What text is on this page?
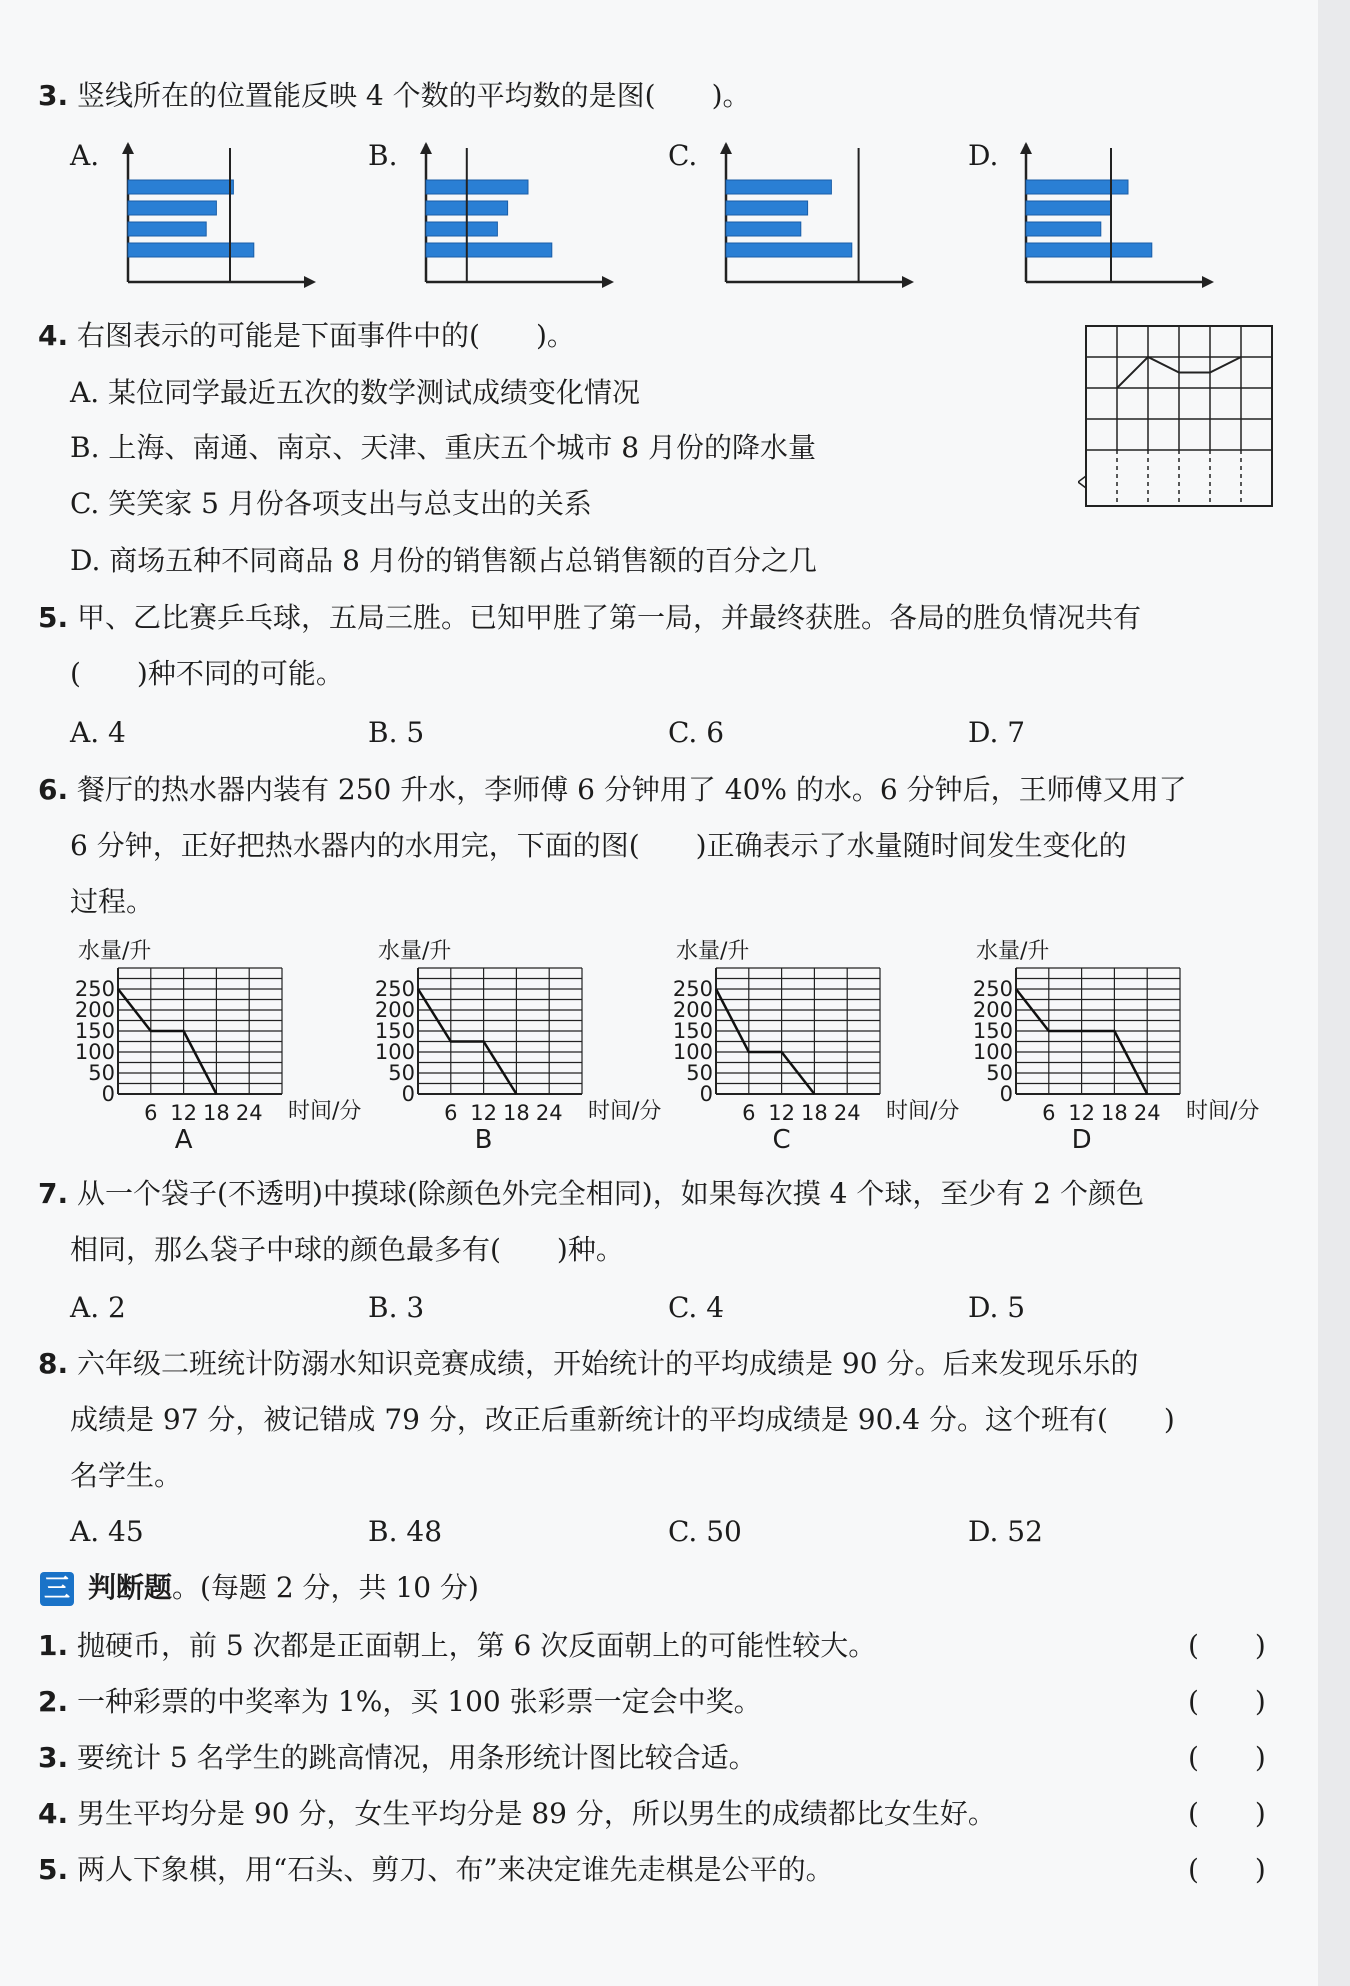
3. 竖线所在的位置能反映 4 个数的平均数的是图(　　)。
A.	B.	C.	D.
4. 右图表示的可能是下面事件中的(　　)。
A. 某位同学最近五次的数学测试成绩变化情况
B. 上海、南通、南京、天津、重庆五个城市 8 月份的降水量
C. 笑笑家 5 月份各项支出与总支出的关系
D. 商场五种不同商品 8 月份的销售额占总销售额的百分之几
5. 甲、乙比赛乒乓球，五局三胜。已知甲胜了第一局，并最终获胜。各局的胜负情况共有
(　　)种不同的可能。
A. 4	B. 5	C. 6	D. 7
6. 餐厅的热水器内装有 250 升水，李师傅 6 分钟用了 40% 的水。6 分钟后，王师傅又用了
6 分钟，正好把热水器内的水用完，下面的图(　　)正确表示了水量随时间发生变化的
过程。
水量/升
250
200
150
100
50
0
6 12 18 24 时间/分
A
水量/升
250
200
150
100
50
0
6 12 18 24 时间/分
B
水量/升
250
200
150
100
50
0
6 12 18 24 时间/分
C
水量/升
250
200
150
100
50
0
6 12 18 24 时间/分
D
7. 从一个袋子(不透明)中摸球(除颜色外完全相同)，如果每次摸 4 个球，至少有 2 个颜色
相同，那么袋子中球的颜色最多有(　　)种。
A. 2	B. 3	C. 4	D. 5
8. 六年级二班统计防溺水知识竞赛成绩，开始统计的平均成绩是 90 分。后来发现乐乐的
成绩是 97 分，被记错成 79 分，改正后重新统计的平均成绩是 90.4 分。这个班有(　　)
名学生。
A. 45	B. 48	C. 50	D. 52
三 判断题。(每题 2 分，共 10 分)
1. 抛硬币，前 5 次都是正面朝上，第 6 次反面朝上的可能性较大。	(　　)
2. 一种彩票的中奖率为 1%，买 100 张彩票一定会中奖。	(　　)
3. 要统计 5 名学生的跳高情况，用条形统计图比较合适。	(　　)
4. 男生平均分是 90 分，女生平均分是 89 分，所以男生的成绩都比女生好。	(　　)
5. 两人下象棋，用“石头、剪刀、布”来决定谁先走棋是公平的。	(　　)
